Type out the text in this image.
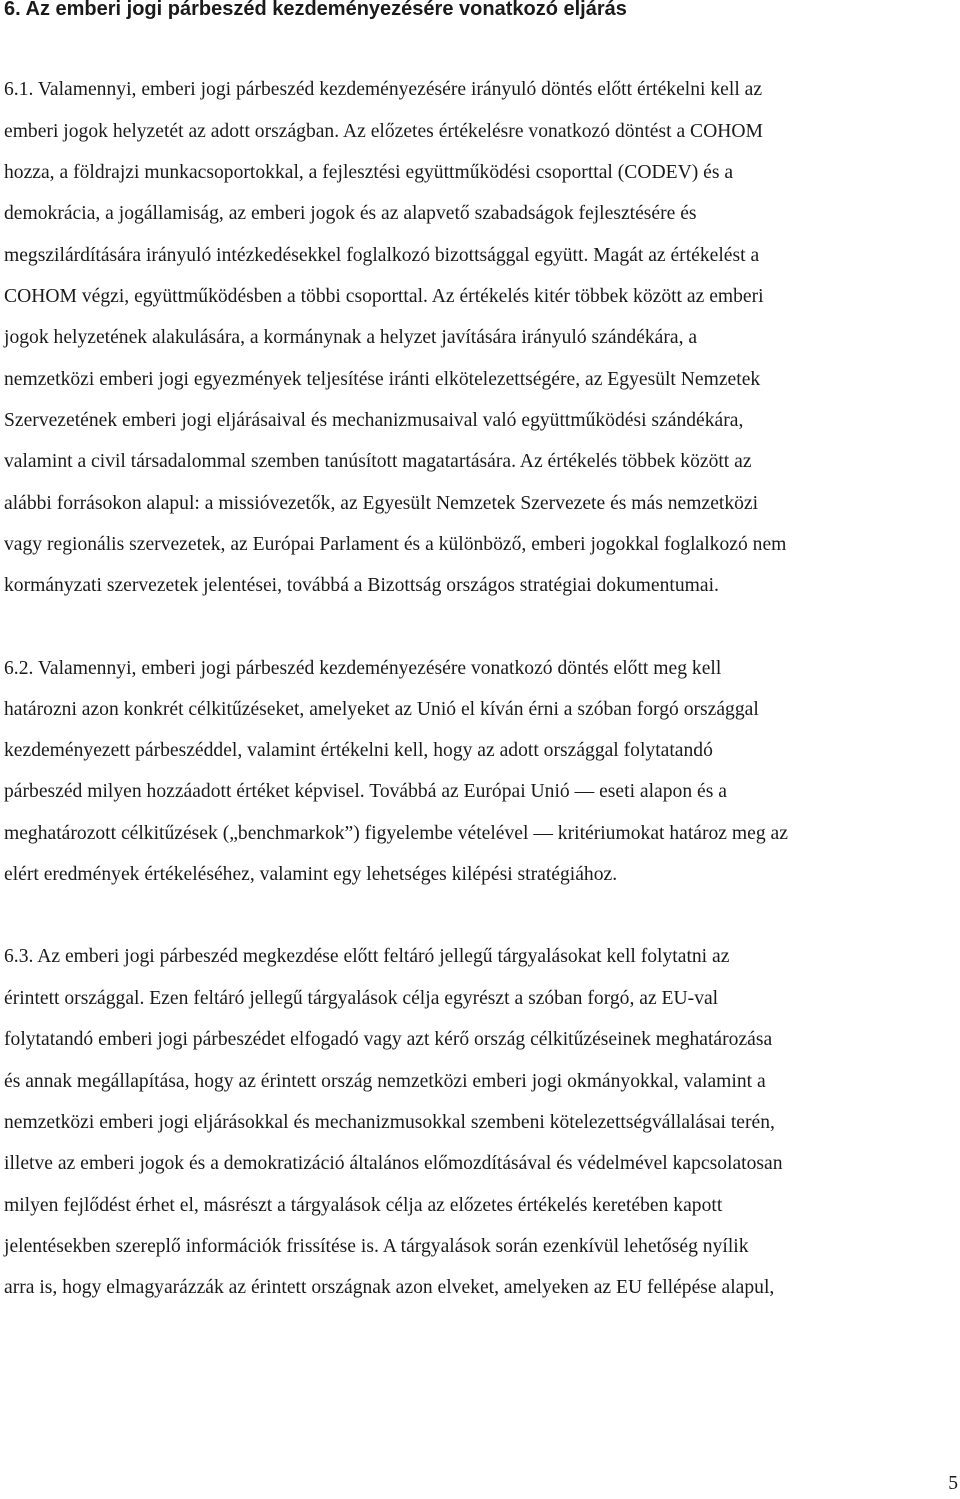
6. Az emberi jogi párbeszéd kezdeményezésére vonatkozó eljárás

6.1. Valamennyi, emberi jogi párbeszéd kezdeményezésére irányuló döntés előtt értékelni kell az

emberi jogok helyzetét az adott országban. Az előzetes értékelésre vonatkozó döntést a COHOM

hozza, a földrajzi munkacsoportokkal, a fejlesztési együttműködési csoporttal (CODEV) és a

demokrácia, a jogállamiság, az emberi jogok és az alapvető szabadságok fejlesztésére és

megszilárdítására irányuló intézkedésekkel foglalkozó bizottsággal együtt. Magát az értékelést a

COHOM végzi, együttműködésben a többi csoporttal. Az értékelés kitér többek között az emberi

jogok helyzetének alakulására, a kormánynak a helyzet javítására irányuló szándékára, a

nemzetközi emberi jogi egyezmények teljesítése iránti elkötelezettségére, az Egyesült Nemzetek

Szervezetének emberi jogi eljárásaival és mechanizmusaival való együttműködési szándékára,

valamint a civil társadalommal szemben tanúsított magatartására. Az értékelés többek között az

alábbi forrásokon alapul: a missióvezetők, az Egyesült Nemzetek Szervezete és más nemzetközi

vagy regionális szervezetek, az Európai Parlament és a különböző, emberi jogokkal foglalkozó nem

kormányzati szervezetek jelentései, továbbá a Bizottság országos stratégiai dokumentumai.

6.2. Valamennyi, emberi jogi párbeszéd kezdeményezésére vonatkozó döntés előtt meg kell

határozni azon konkrét célkitűzéseket, amelyeket az Unió el kíván érni a szóban forgó országgal

kezdeményezett párbeszéddel, valamint értékelni kell, hogy az adott országgal folytatandó

párbeszéd milyen hozzáadott értéket képvisel. Továbbá az Európai Unió — eseti alapon és a

meghatározott célkitűzések („benchmarkok”) figyelembe vételével — kritériumokat határoz meg az

elért eredmények értékeléséhez, valamint egy lehetséges kilépési stratégiához.

6.3. Az emberi jogi párbeszéd megkezdése előtt feltáró jellegű tárgyalásokat kell folytatni az

érintett országgal. Ezen feltáró jellegű tárgyalások célja egyrészt a szóban forgó, az EU-val

folytatandó emberi jogi párbeszédet elfogadó vagy azt kérő ország célkitűzéseinek meghatározása

és annak megállapítása, hogy az érintett ország nemzetközi emberi jogi okmányokkal, valamint a

nemzetközi emberi jogi eljárásokkal és mechanizmusokkal szembeni kötelezettségvállalásai terén,

illetve az emberi jogok és a demokratizáció általános előmozdításával és védelmével kapcsolatosan

milyen fejlődést érhet el, másrészt a tárgyalások célja az előzetes értékelés keretében kapott

jelentésekben szereplő információk frissítése is. A tárgyalások során ezenkívül lehetőség nyílik

arra is, hogy elmagyarázzák az érintett országnak azon elveket, amelyeken az EU fellépése alapul,

5
